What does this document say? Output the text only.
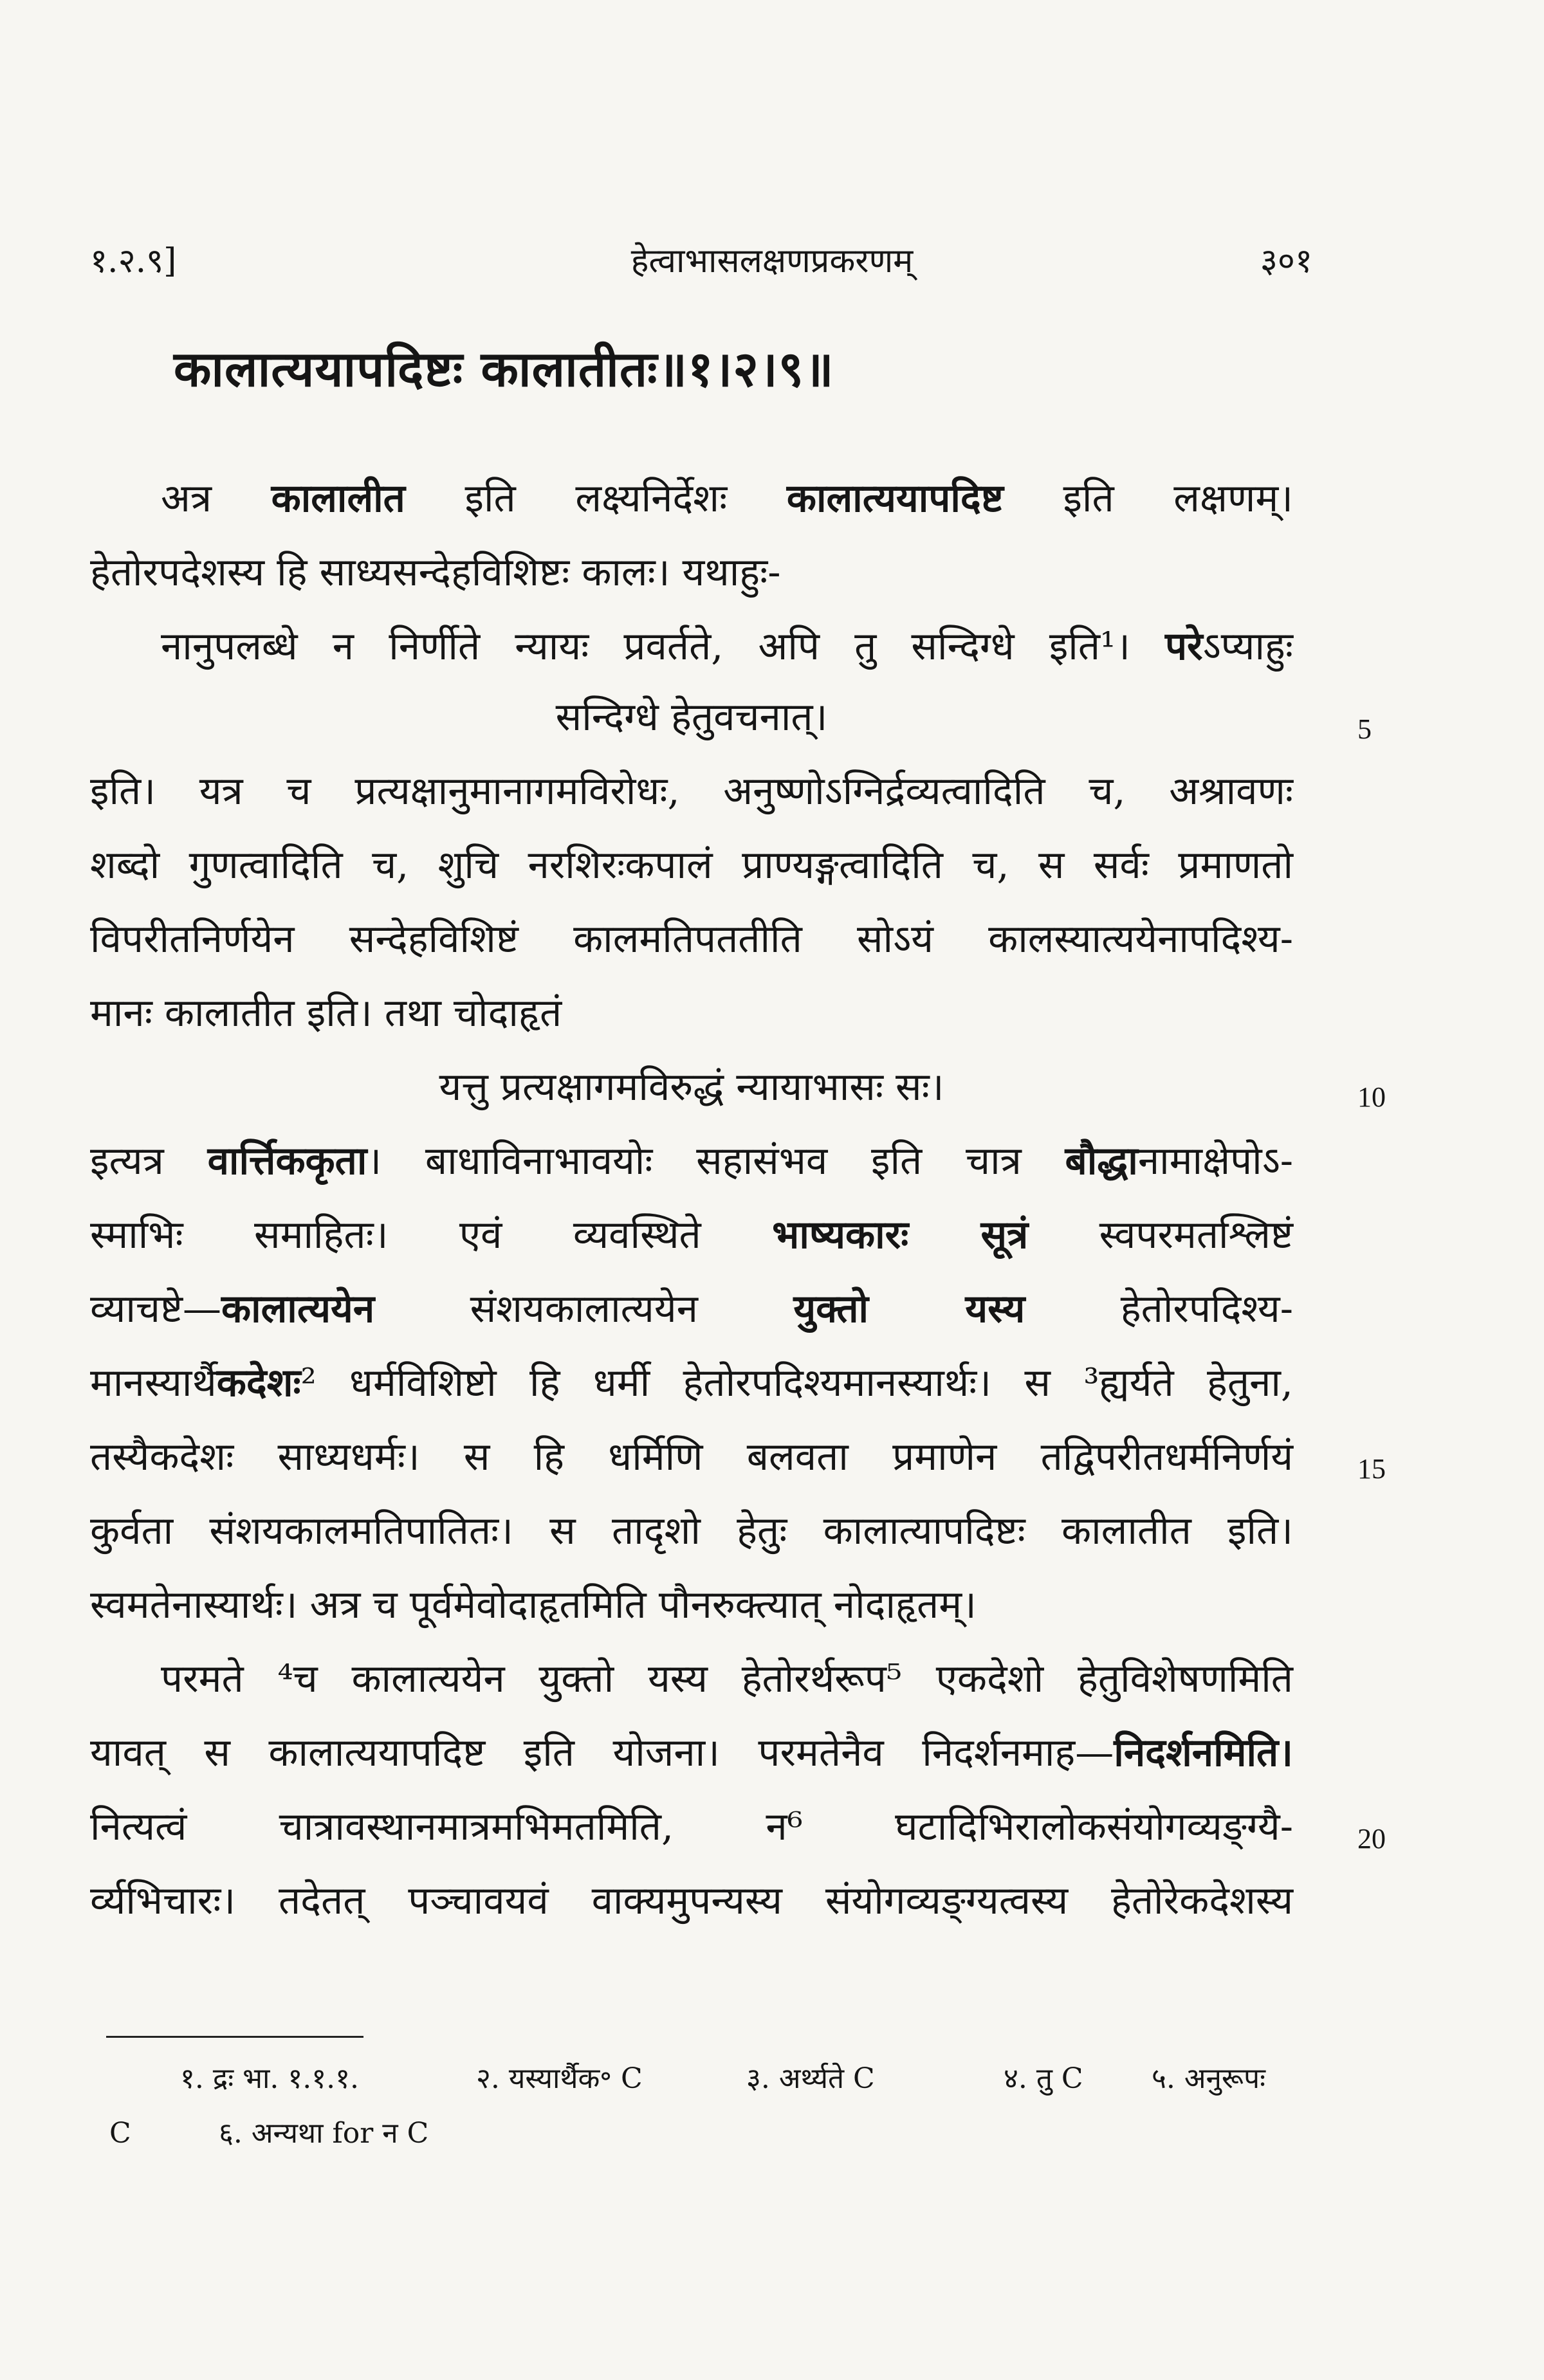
१.२.९]	हेत्वाभासलक्षणप्रकरणम्	३०१
कालात्ययापदिष्टः कालातीतः॥१।२।९॥
अत्र कालालीत इति लक्ष्यनिर्देशः कालात्ययापदिष्ट इति लक्षणम्।
हेतोरपदेशस्य हि साध्यसन्देहविशिष्टः कालः। यथाहुः-
नानुपलब्धे न निर्णीते न्यायः प्रवर्तते, अपि तु सन्दिग्धे इति¹। परेऽप्याहुः
सन्दिग्धे हेतुवचनात्।	5
इति। यत्र च प्रत्यक्षानुमानागमविरोधः, अनुष्णोऽग्निर्द्रव्यत्वादिति च, अश्रावणः
शब्दो गुणत्वादिति च, शुचि नरशिरःकपालं प्राण्यङ्गत्वादिति च, स सर्वः प्रमाणतो
विपरीतनिर्णयेन सन्देहविशिष्टं कालमतिपततीति सोऽयं कालस्यात्ययेनापदिश्य-
मानः कालातीत इति। तथा चोदाहृतं
यत्तु प्रत्यक्षागमविरुद्धं न्यायाभासः सः।	10
इत्यत्र वार्त्तिककृता। बाधाविनाभावयोः सहासंभव इति चात्र बौद्धानामाक्षेपोऽ-
स्माभिः समाहितः। एवं व्यवस्थिते भाष्यकारः सूत्रं स्वपरमतश्लिष्टं
व्याचष्टे—कालात्ययेन संशयकालात्ययेन युक्तो यस्य हेतोरपदिश्य-
मानस्यार्थैकदेशः² धर्मविशिष्टो हि धर्मी हेतोरपदिश्यमानस्यार्थः। स ³ह्यर्यते हेतुना,
तस्यैकदेशः साध्यधर्मः। स हि धर्मिणि बलवता प्रमाणेन तद्विपरीतधर्मनिर्णयं 15
कुर्वता संशयकालमतिपातितः। स तादृशो हेतुः कालात्यापदिष्टः कालातीत इति।
स्वमतेनास्यार्थः। अत्र च पूर्वमेवोदाहृतमिति पौनरुक्त्यात् नोदाहृतम्।
परमते ⁴च कालात्ययेन युक्तो यस्य हेतोरर्थरूप⁵ एकदेशो हेतुविशेषणमिति
यावत् स कालात्ययापदिष्ट इति योजना। परमतेनैव निदर्शनमाह—निदर्शनमिति।
नित्यत्वं चात्रावस्थानमात्रमभिमतमिति, न⁶ घटादिभिरालोकसंयोगव्यङ्ग्यै- 20
र्व्यभिचारः। तदेतत् पञ्चावयवं वाक्यमुपन्यस्य संयोगव्यङ्ग्यत्वस्य हेतोरेकदेशस्य
१. द्रः भा. १.१.१.	२. यस्यार्थैक॰ C	३. अर्थ्यते C	४. तु C ५. अनुरूपः
C	६. अन्यथा for न C
